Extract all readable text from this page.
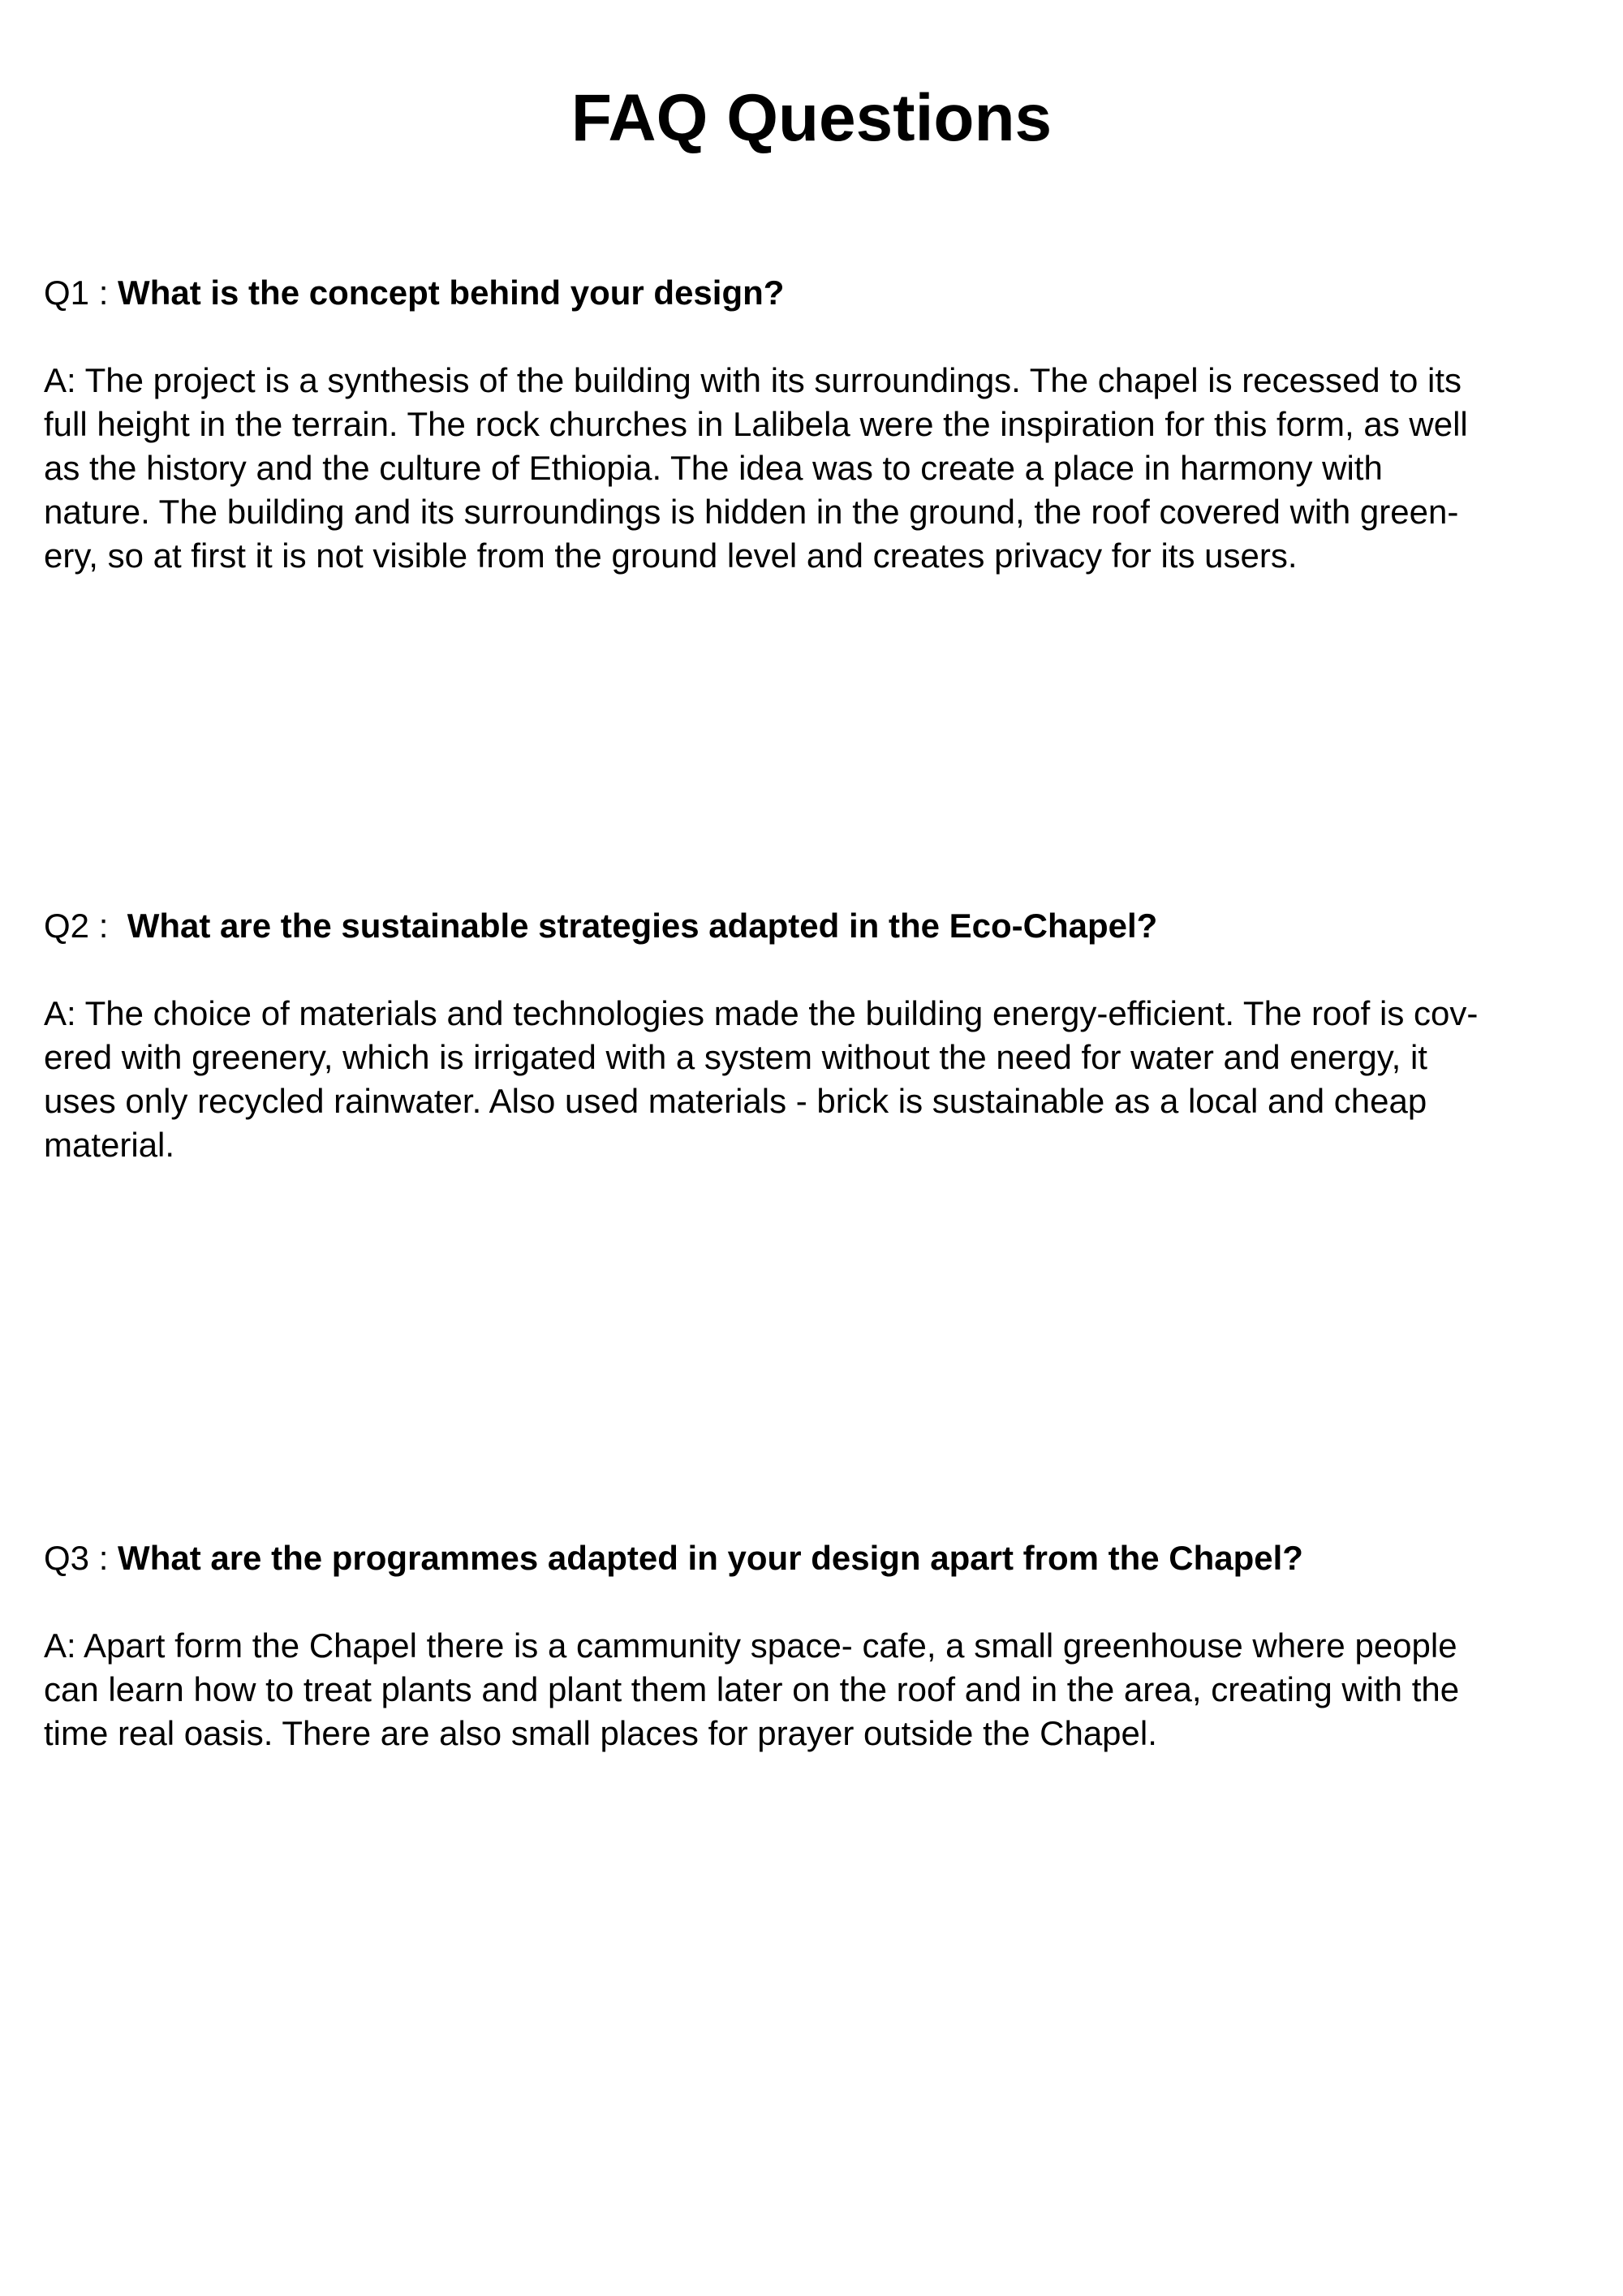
FAQ Questions

Q1 : What is the concept behind your design?

A: The project is a synthesis of the building with its surroundings. The chapel is recessed to its
full height in the terrain. The rock churches in Lalibela were the inspiration for this form, as well
as the history and the culture of Ethiopia. The idea was to create a place in harmony with
nature. The building and its surroundings is hidden in the ground, the roof covered with green-
ery, so at first it is not visible from the ground level and creates privacy for its users.

Q2 :  What are the sustainable strategies adapted in the Eco-Chapel?

A: The choice of materials and technologies made the building energy-efficient. The roof is cov-
ered with greenery, which is irrigated with a system without the need for water and energy, it
uses only recycled rainwater. Also used materials - brick is sustainable as a local and cheap
material.

Q3 : What are the programmes adapted in your design apart from the Chapel?

A: Apart form the Chapel there is a cammunity space- cafe, a small greenhouse where people
can learn how to treat plants and plant them later on the roof and in the area, creating with the
time real oasis. There are also small places for prayer outside the Chapel.
